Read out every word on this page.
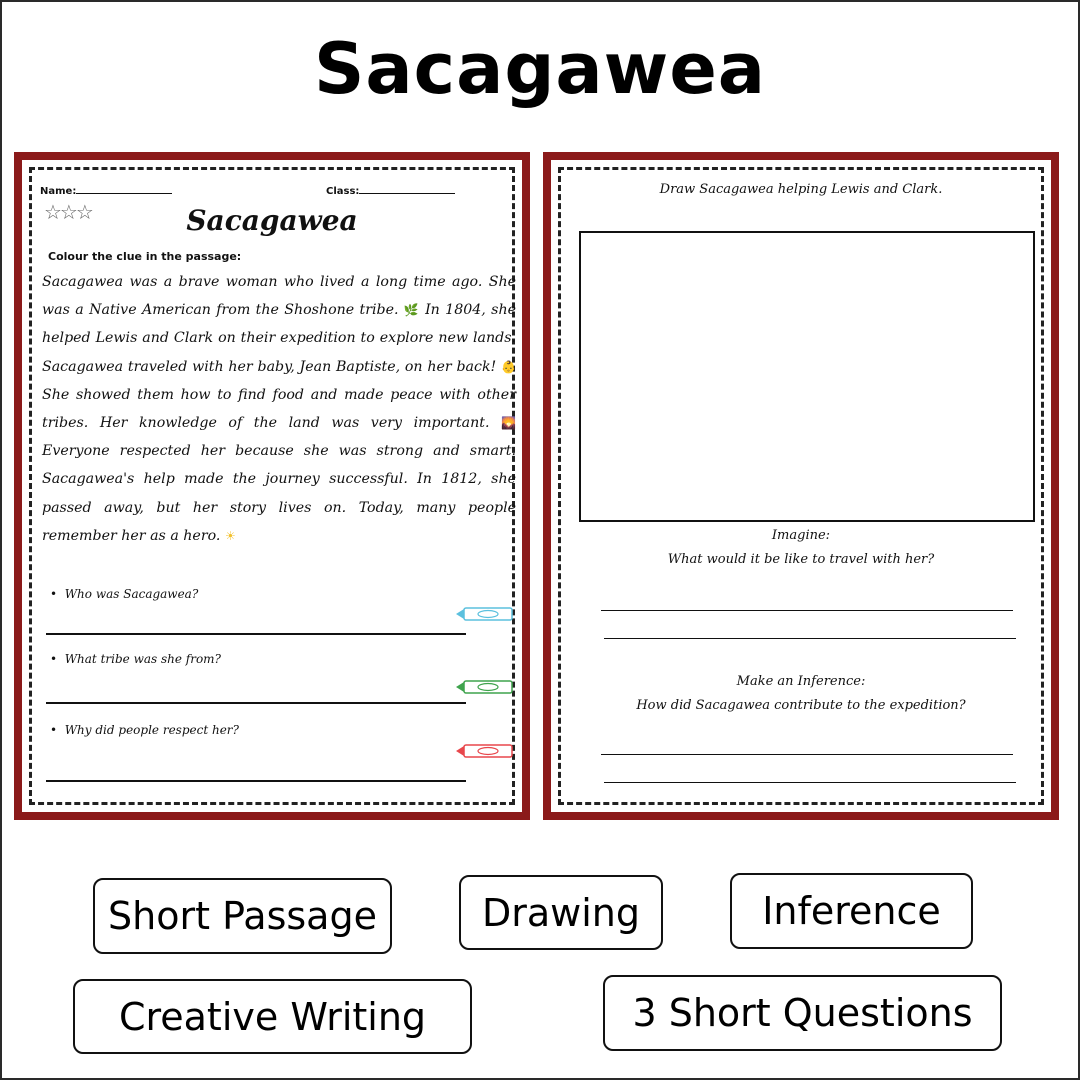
Sacagawea
Name:	Class:
☆☆☆	Sacagawea
Colour the clue in the passage:
Sacagawea was a brave woman who lived a long time ago. She was a Native American from the Shoshone tribe. 🌿 In 1804, she helped Lewis and Clark on their expedition to explore new lands. Sacagawea traveled with her baby, Jean Baptiste, on her back! 👶 She showed them how to find food and made peace with other tribes. Her knowledge of the land was very important. 🌄 Everyone respected her because she was strong and smart. Sacagawea's help made the journey successful. In 1812, she passed away, but her story lives on. Today, many people remember her as a hero. ☀
•  Who was Sacagawea?
•  What tribe was she from?
•  Why did people respect her?
Draw Sacagawea helping Lewis and Clark.
Imagine:
What would it be like to travel with her?
Make an Inference:
How did Sacagawea contribute to the expedition?
Short Passage	Drawing	Inference
Creative Writing	3 Short Questions
